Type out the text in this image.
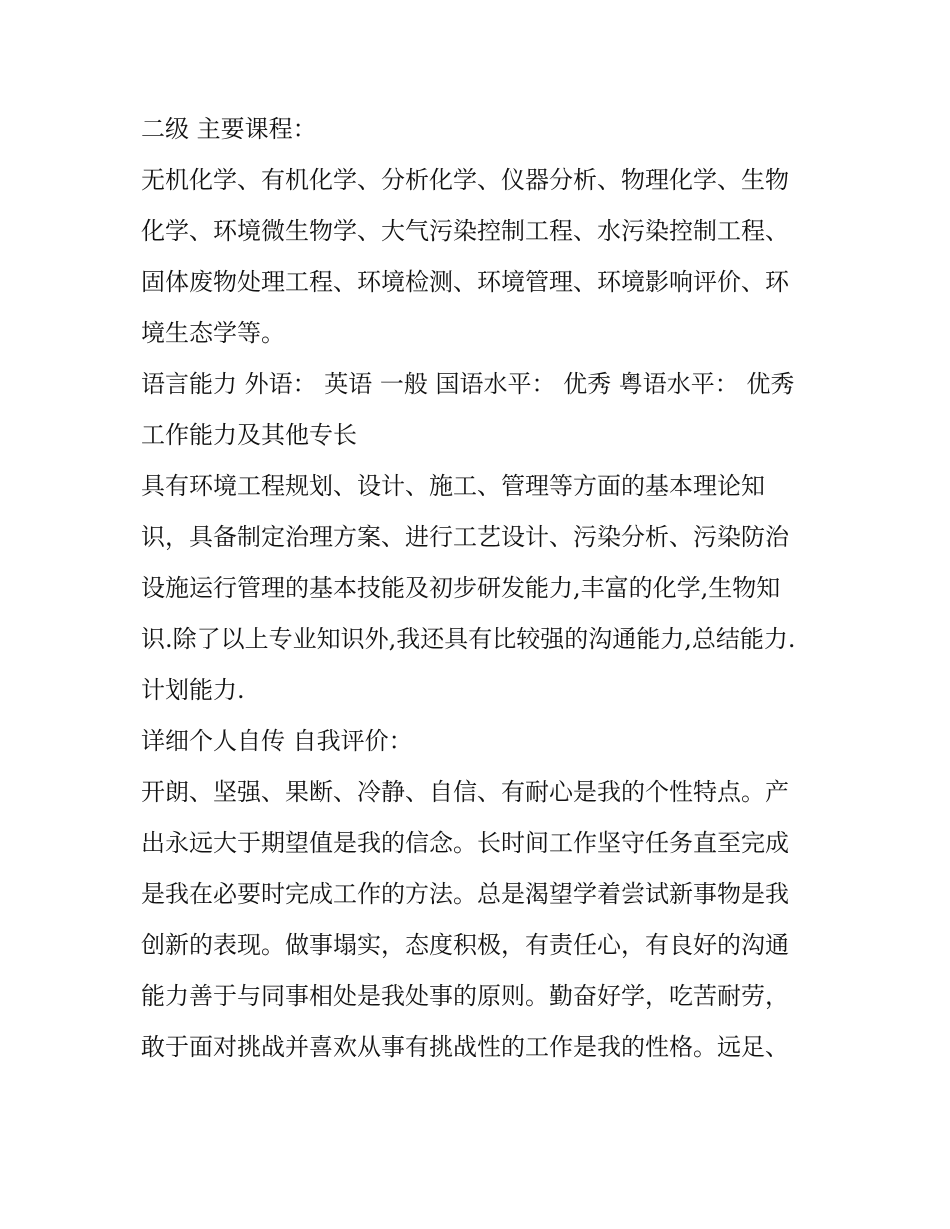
二级 主要课程：
无机化学、有机化学、分析化学、仪器分析、物理化学、生物
化学、环境微生物学、大气污染控制工程、水污染控制工程、
固体废物处理工程、环境检测、环境管理、环境影响评价、环
境生态学等。
语言能力 外语： 英语 一般 国语水平： 优秀 粤语水平： 优秀
工作能力及其他专长
具有环境工程规划、设计、施工、管理等方面的基本理论知
识，具备制定治理方案、进行工艺设计、污染分析、污染防治
设施运行管理的基本技能及初步研发能力,丰富的化学,生物知
识.除了以上专业知识外,我还具有比较强的沟通能力,总结能力.
计划能力.
详细个人自传 自我评价：
开朗、坚强、果断、冷静、自信、有耐心是我的个性特点。产
出永远大于期望值是我的信念。长时间工作坚守任务直至完成
是我在必要时完成工作的方法。总是渴望学着尝试新事物是我
创新的表现。做事塌实，态度积极，有责任心，有良好的沟通
能力善于与同事相处是我处事的原则。勤奋好学，吃苦耐劳，
敢于面对挑战并喜欢从事有挑战性的工作是我的性格。远足、
